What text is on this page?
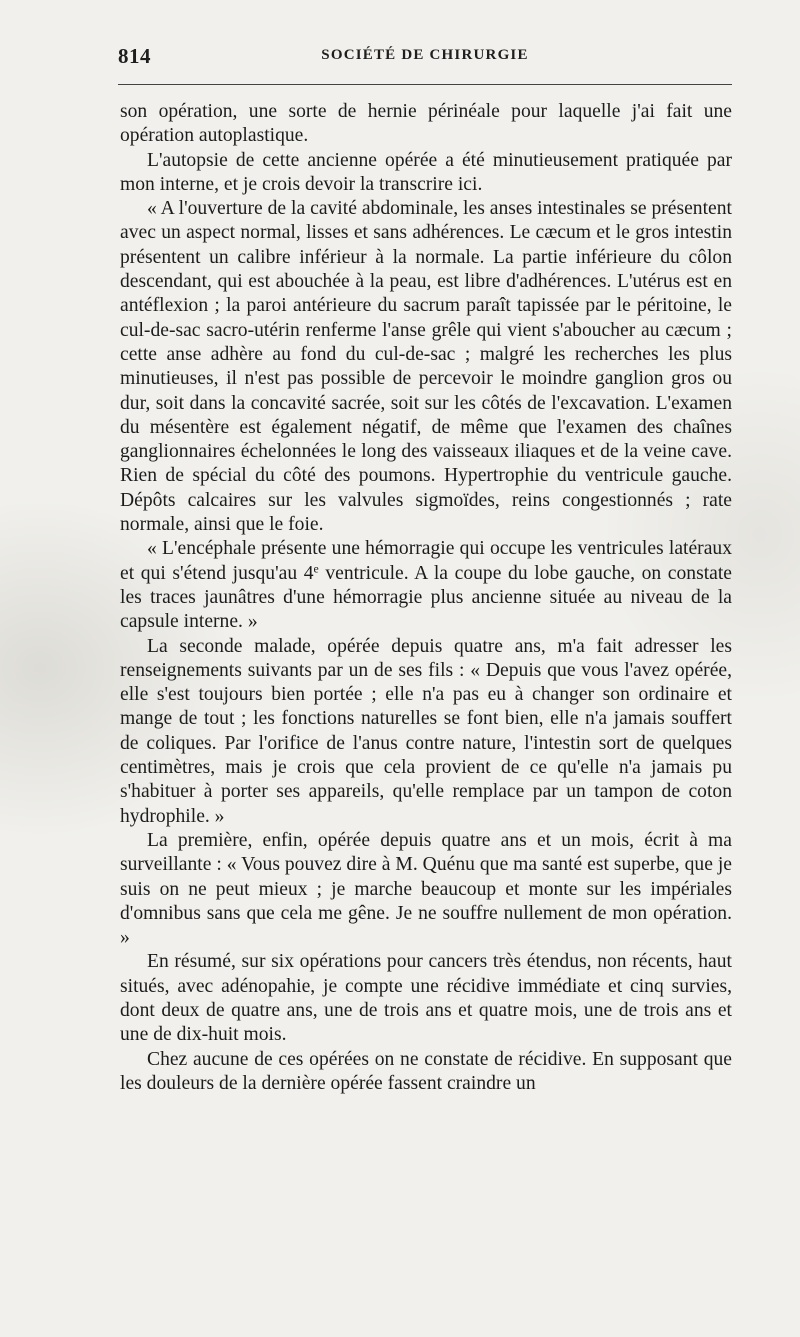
814	SOCIÉTÉ DE CHIRURGIE

son opération, une sorte de hernie périnéale pour laquelle j'ai fait une opération autoplastique.

L'autopsie de cette ancienne opérée a été minutieusement pratiquée par mon interne, et je crois devoir la transcrire ici.

« A l'ouverture de la cavité abdominale, les anses intestinales se présentent avec un aspect normal, lisses et sans adhérences. Le cæcum et le gros intestin présentent un calibre inférieur à la normale. La partie inférieure du côlon descendant, qui est abouchée à la peau, est libre d'adhérences. L'utérus est en antéflexion ; la paroi antérieure du sacrum paraît tapissée par le péritoine, le cul-de-sac sacro-utérin renferme l'anse grêle qui vient s'aboucher au cæcum ; cette anse adhère au fond du cul-de-sac ; malgré les recherches les plus minutieuses, il n'est pas possible de percevoir le moindre ganglion gros ou dur, soit dans la concavité sacrée, soit sur les côtés de l'excavation. L'examen du mésentère est également négatif, de même que l'examen des chaînes ganglionnaires échelonnées le long des vaisseaux iliaques et de la veine cave. Rien de spécial du côté des poumons. Hypertrophie du ventricule gauche. Dépôts calcaires sur les valvules sigmoïdes, reins congestionnés ; rate normale, ainsi que le foie.

« L'encéphale présente une hémorragie qui occupe les ventricules latéraux et qui s'étend jusqu'au 4e ventricule. A la coupe du lobe gauche, on constate les traces jaunâtres d'une hémorragie plus ancienne située au niveau de la capsule interne. »

La seconde malade, opérée depuis quatre ans, m'a fait adresser les renseignements suivants par un de ses fils : « Depuis que vous l'avez opérée, elle s'est toujours bien portée ; elle n'a pas eu à changer son ordinaire et mange de tout ; les fonctions naturelles se font bien, elle n'a jamais souffert de coliques. Par l'orifice de l'anus contre nature, l'intestin sort de quelques centimètres, mais je crois que cela provient de ce qu'elle n'a jamais pu s'habituer à porter ses appareils, qu'elle remplace par un tampon de coton hydrophile. »

La première, enfin, opérée depuis quatre ans et un mois, écrit à ma surveillante : « Vous pouvez dire à M. Quénu que ma santé est superbe, que je suis on ne peut mieux ; je marche beaucoup et monte sur les impériales d'omnibus sans que cela me gêne. Je ne souffre nullement de mon opération. »

En résumé, sur six opérations pour cancers très étendus, non récents, haut situés, avec adénopahie, je compte une récidive immédiate et cinq survies, dont deux de quatre ans, une de trois ans et quatre mois, une de trois ans et une de dix-huit mois.

Chez aucune de ces opérées on ne constate de récidive. En supposant que les douleurs de la dernière opérée fassent craindre un
